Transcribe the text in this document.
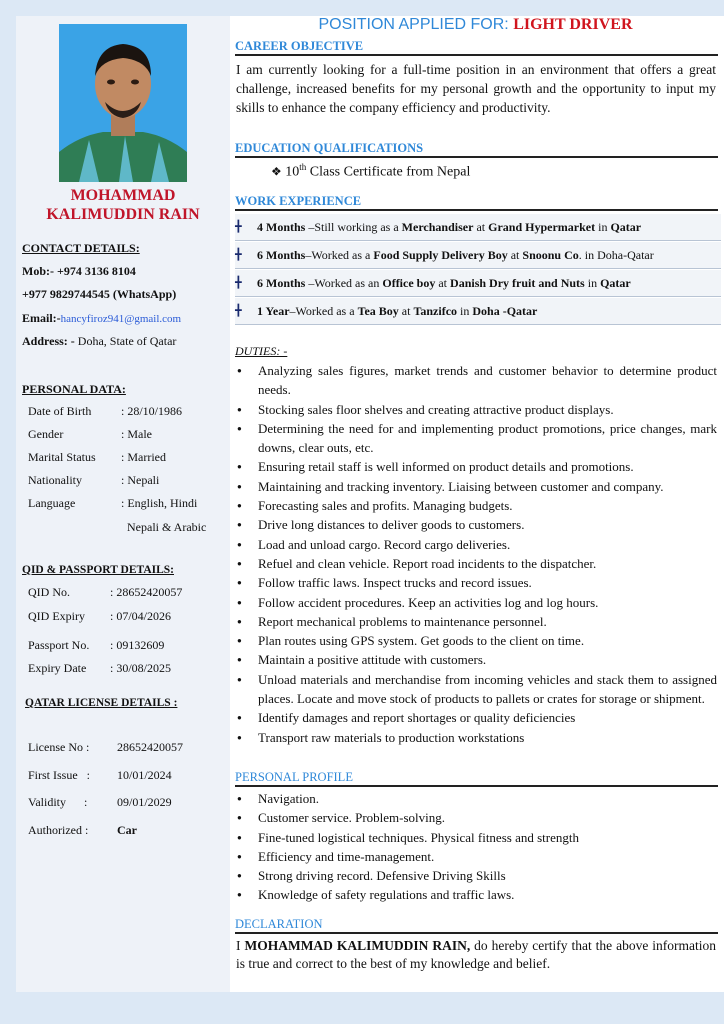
MOHAMMAD
KALIMUDDIN RAIN
CONTACT DETAILS:
Mob:- +974 3136 8104
+977 9829744545 (WhatsApp)
Email:-hancyfiroz941@gmail.com
Address: - Doha, State of Qatar
PERSONAL DATA:
Date of Birth : 28/10/1986
Gender	: Male
Marital Status : Married
Nationality	: Nepali
Language	: English, Hindi
Nepali & Arabic
QID & PASSPORT DETAILS:
QID No.	: 28652420057
QID Expiry : 07/04/2026
Passport No. : 09132609
Expiry Date : 30/08/2025
QATAR LICENSE DETAILS :
License No : 28652420057
First Issue   : 10/01/2024
Validity      : 09/01/2029
Authorized : Car
POSITION APPLIED FOR: LIGHT DRIVER
CAREER OBJECTIVE
I am currently looking for a full-time position in an environment that offers a great challenge, increased benefits for my personal growth and the opportunity to input my skills to enhance the company efficiency and productivity.
EDUCATION QUALIFICATIONS
❖ 10th Class Certificate from Nepal
WORK EXPERIENCE
╋ 4 Months –Still working as a Merchandiser at Grand Hypermarket in Qatar
╋ 6 Months–Worked as a Food Supply Delivery Boy at Snoonu Co. in Doha-Qatar
╋ 6 Months –Worked as an Office boy at Danish Dry fruit and Nuts in Qatar
╋ 1 Year–Worked as a Tea Boy at Tanzifco in Doha -Qatar
DUTIES: -
● Analyzing sales figures, market trends and customer behavior to determine product needs.
● Stocking sales floor shelves and creating attractive product displays.
● Determining the need for and implementing product promotions, price changes, mark downs, clear outs, etc.
● Ensuring retail staff is well informed on product details and promotions.
● Maintaining and tracking inventory. Liaising between customer and company.
● Forecasting sales and profits. Managing budgets.
● Drive long distances to deliver goods to customers.
● Load and unload cargo. Record cargo deliveries.
● Refuel and clean vehicle. Report road incidents to the dispatcher.
● Follow traffic laws. Inspect trucks and record issues.
● Follow accident procedures. Keep an activities log and log hours.
● Report mechanical problems to maintenance personnel.
● Plan routes using GPS system. Get goods to the client on time.
● Maintain a positive attitude with customers.
● Unload materials and merchandise from incoming vehicles and stack them to assigned places. Locate and move stock of products to pallets or crates for storage or shipment.
● Identify damages and report shortages or quality deficiencies
● Transport raw materials to production workstations
PERSONAL PROFILE
● Navigation.
● Customer service. Problem-solving.
● Fine-tuned logistical techniques. Physical fitness and strength
● Efficiency and time-management.
● Strong driving record. Defensive Driving Skills
● Knowledge of safety regulations and traffic laws.
DECLARATION
I MOHAMMAD KALIMUDDIN RAIN, do hereby certify that the above information is true and correct to the best of my knowledge and belief.
